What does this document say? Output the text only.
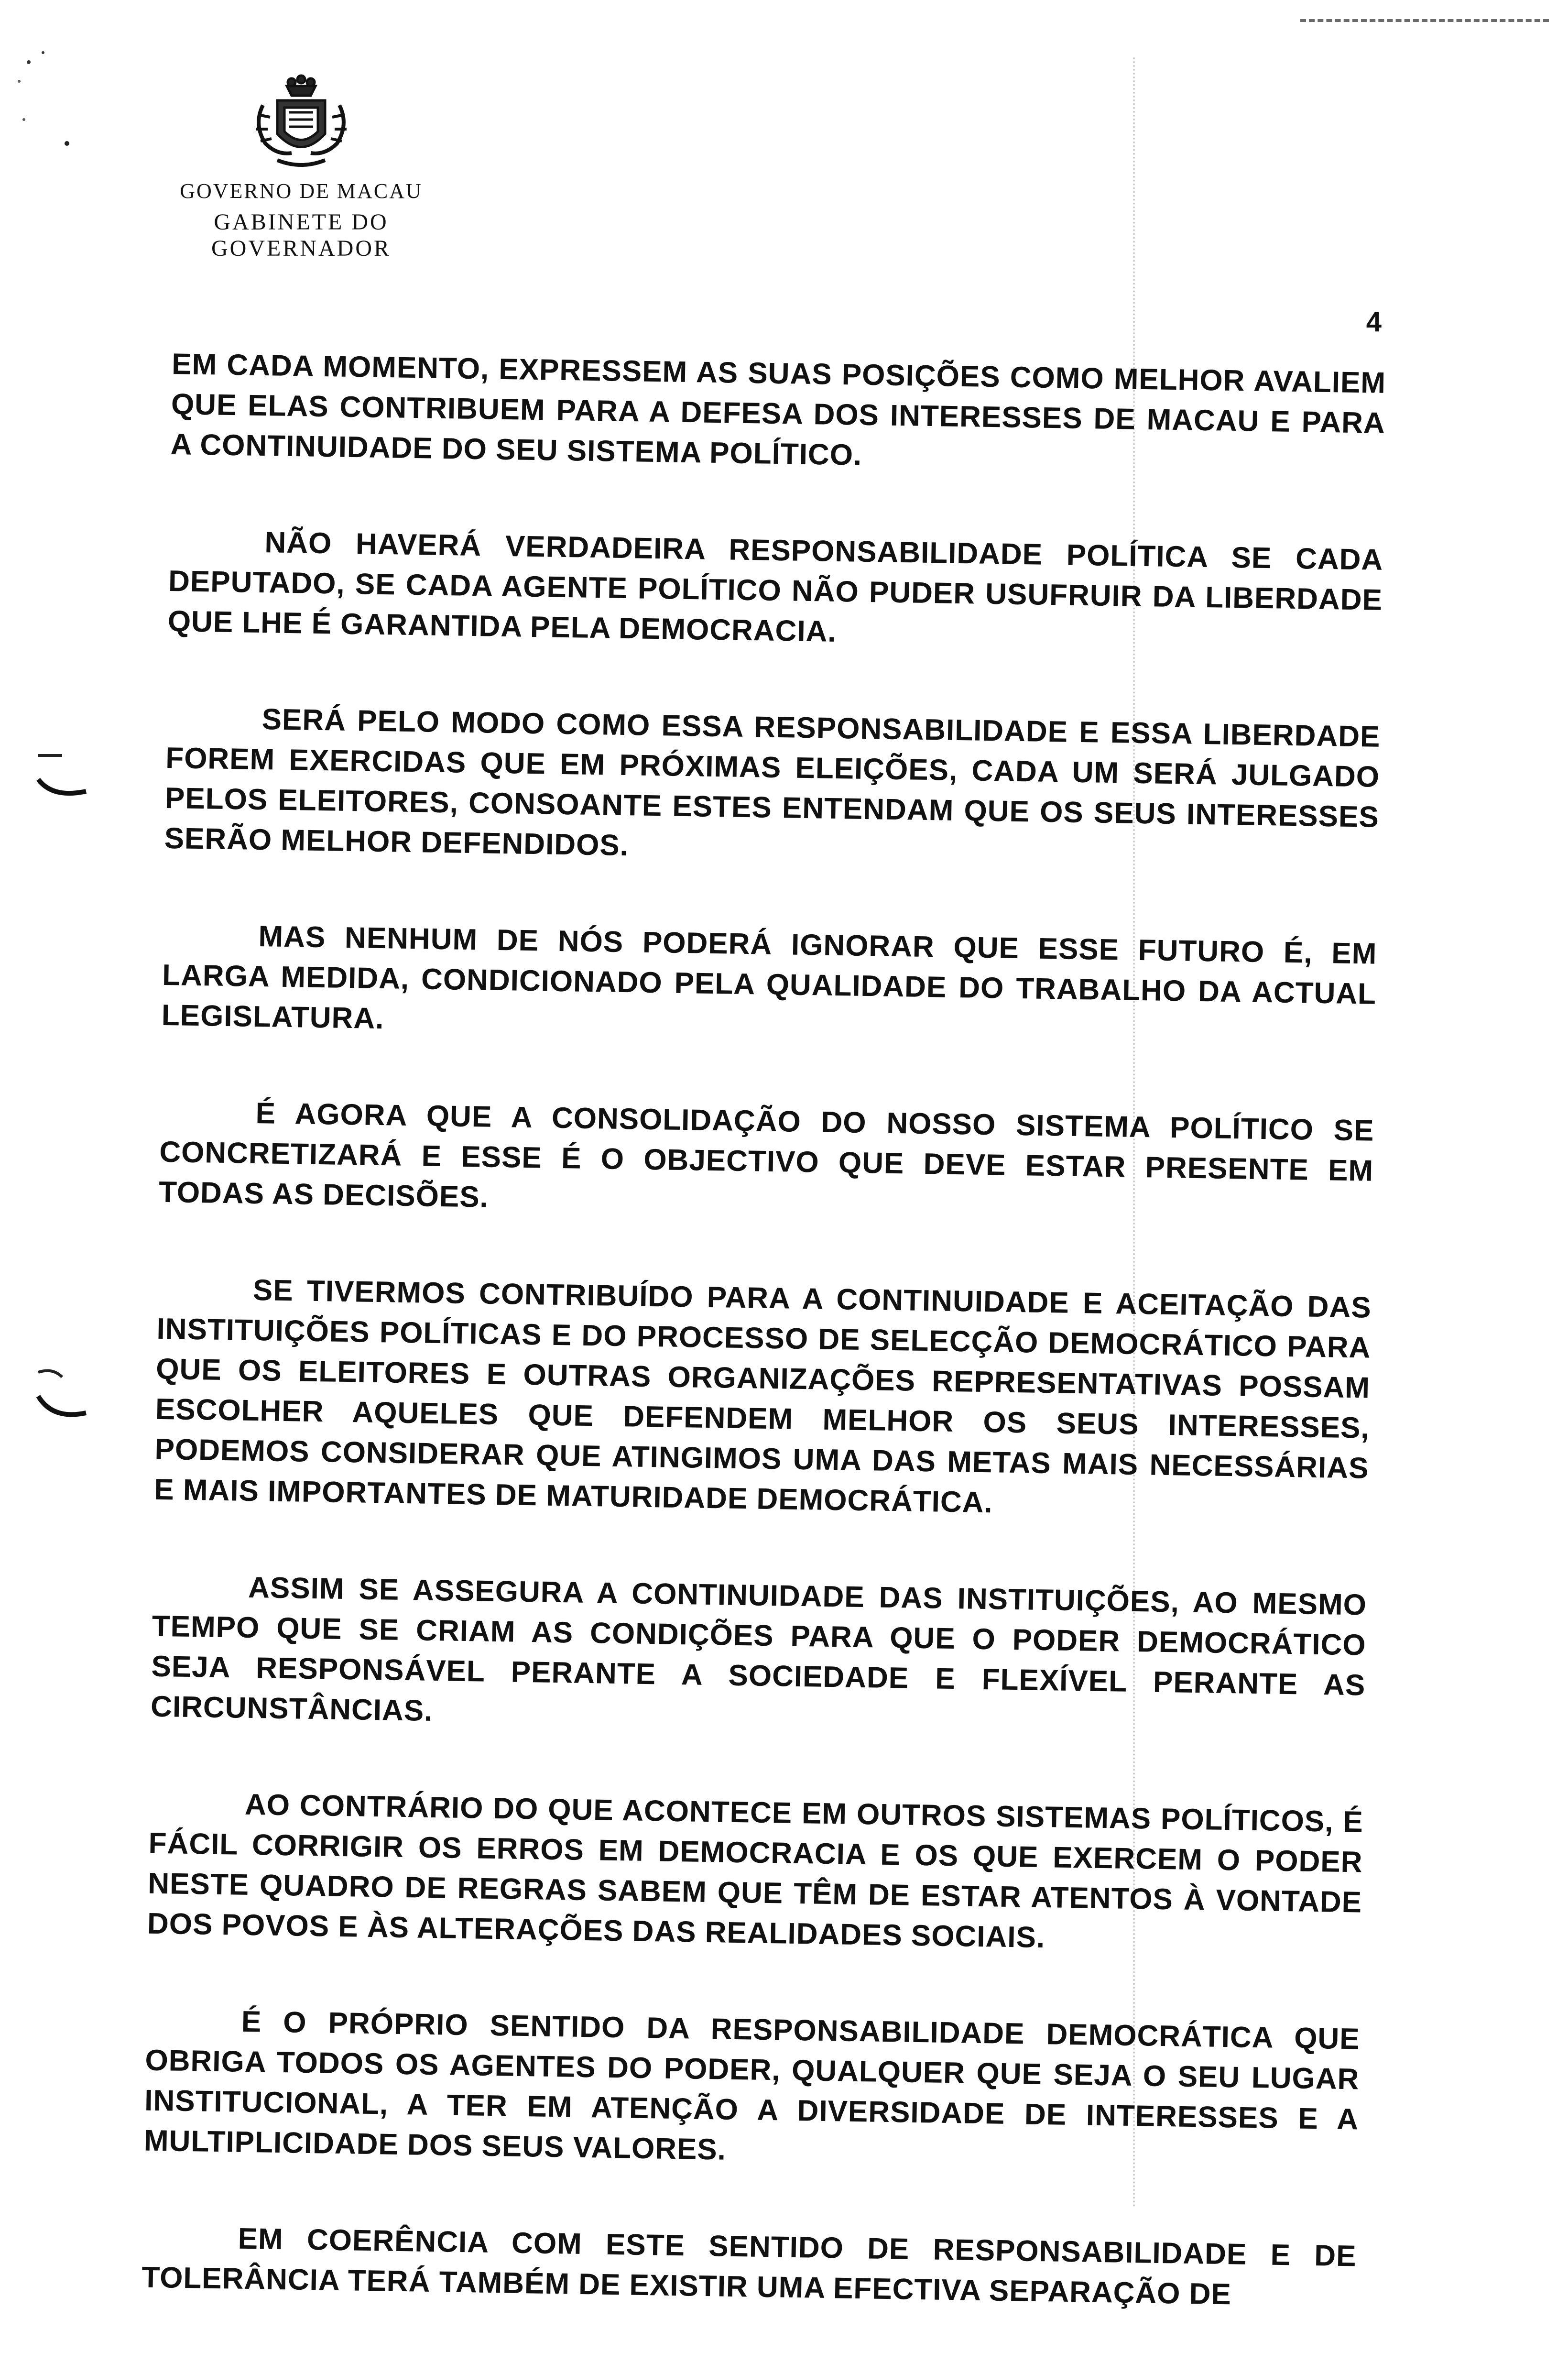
GOVERNO DE MACAU
GABINETE DO GOVERNADOR
4

EM CADA MOMENTO, EXPRESSEM AS SUAS POSIÇÕES COMO MELHOR AVALIEM QUE ELAS CONTRIBUEM PARA A DEFESA DOS INTERESSES DE MACAU E PARA A CONTINUIDADE DO SEU SISTEMA POLÍTICO.

NÃO HAVERÁ VERDADEIRA RESPONSABILIDADE POLÍTICA SE CADA DEPUTADO, SE CADA AGENTE POLÍTICO NÃO PUDER USUFRUIR DA LIBERDADE QUE LHE É GARANTIDA PELA DEMOCRACIA.

SERÁ PELO MODO COMO ESSA RESPONSABILIDADE E ESSA LIBERDADE FOREM EXERCIDAS QUE EM PRÓXIMAS ELEIÇÕES, CADA UM SERÁ JULGADO PELOS ELEITORES, CONSOANTE ESTES ENTENDAM QUE OS SEUS INTERESSES SERÃO MELHOR DEFENDIDOS.

MAS NENHUM DE NÓS PODERÁ IGNORAR QUE ESSE FUTURO É, EM LARGA MEDIDA, CONDICIONADO PELA QUALIDADE DO TRABALHO DA ACTUAL LEGISLATURA.

É AGORA QUE A CONSOLIDAÇÃO DO NOSSO SISTEMA POLÍTICO SE CONCRETIZARÁ E ESSE É O OBJECTIVO QUE DEVE ESTAR PRESENTE EM TODAS AS DECISÕES.

SE TIVERMOS CONTRIBUÍDO PARA A CONTINUIDADE E ACEITAÇÃO DAS INSTITUIÇÕES POLÍTICAS E DO PROCESSO DE SELECÇÃO DEMOCRÁTICO PARA QUE OS ELEITORES E OUTRAS ORGANIZAÇÕES REPRESENTATIVAS POSSAM ESCOLHER AQUELES QUE DEFENDEM MELHOR OS SEUS INTERESSES, PODEMOS CONSIDERAR QUE ATINGIMOS UMA DAS METAS MAIS NECESSÁRIAS E MAIS IMPORTANTES DE MATURIDADE DEMOCRÁTICA.

ASSIM SE ASSEGURA A CONTINUIDADE DAS INSTITUIÇÕES, AO MESMO TEMPO QUE SE CRIAM AS CONDIÇÕES PARA QUE O PODER DEMOCRÁTICO SEJA RESPONSÁVEL PERANTE A SOCIEDADE E FLEXÍVEL PERANTE AS CIRCUNSTÂNCIAS.

AO CONTRÁRIO DO QUE ACONTECE EM OUTROS SISTEMAS POLÍTICOS, É FÁCIL CORRIGIR OS ERROS EM DEMOCRACIA E OS QUE EXERCEM O PODER NESTE QUADRO DE REGRAS SABEM QUE TÊM DE ESTAR ATENTOS À VONTADE DOS POVOS E ÀS ALTERAÇÕES DAS REALIDADES SOCIAIS.

É O PRÓPRIO SENTIDO DA RESPONSABILIDADE DEMOCRÁTICA QUE OBRIGA TODOS OS AGENTES DO PODER, QUALQUER QUE SEJA O SEU LUGAR INSTITUCIONAL, A TER EM ATENÇÃO A DIVERSIDADE DE INTERESSES E A MULTIPLICIDADE DOS SEUS VALORES.

EM COERÊNCIA COM ESTE SENTIDO DE RESPONSABILIDADE E DE TOLERÂNCIA TERÁ TAMBÉM DE EXISTIR UMA EFECTIVA SEPARAÇÃO DE
